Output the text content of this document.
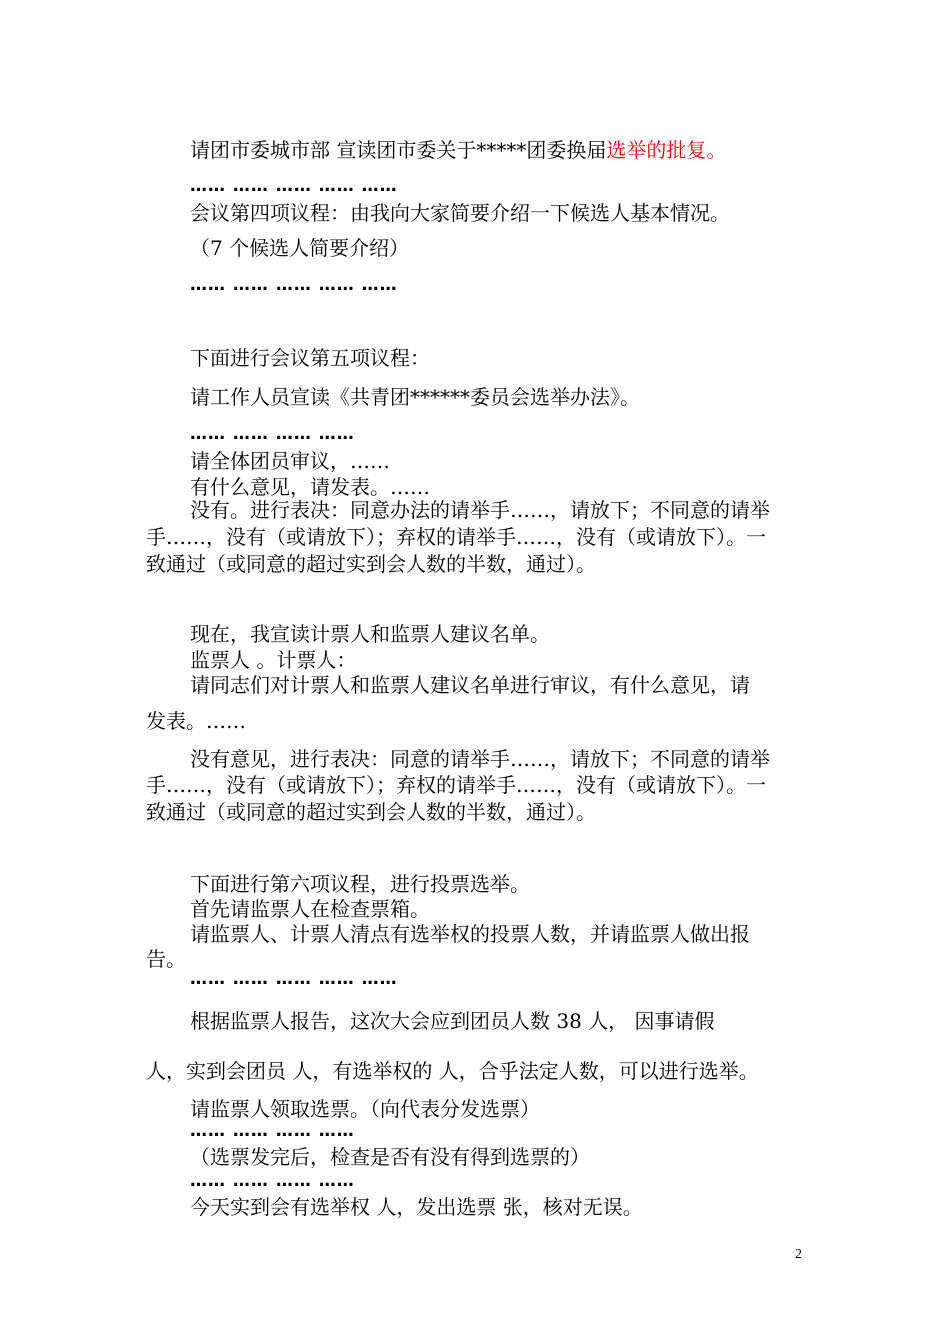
请团市委城市部 宣读团市委关于*****团委换届选举的批复。
…… …… …… …… ……
会议第四项议程：由我向大家简要介绍一下候选人基本情况。
（7 个候选人简要介绍）
…… …… …… …… ……
下面进行会议第五项议程：
请工作人员宣读《共青团******委员会选举办法》。
…… …… …… ……
请全体团员审议，……
有什么意见，请发表。……
没有。进行表决：同意办法的请举手……，请放下；不同意的请举
手……，没有（或请放下）；弃权的请举手……，没有（或请放下）。一
致通过（或同意的超过实到会人数的半数，通过）。
现在，我宣读计票人和监票人建议名单。
监票人 。计票人：
请同志们对计票人和监票人建议名单进行审议，有什么意见，请
发表。……
没有意见，进行表决：同意的请举手……，请放下；不同意的请举
手……，没有（或请放下）；弃权的请举手……，没有（或请放下）。一
致通过（或同意的超过实到会人数的半数，通过）。
下面进行第六项议程，进行投票选举。
首先请监票人在检查票箱。
请监票人、计票人清点有选举权的投票人数，并请监票人做出报
告。
…… …… …… …… ……
根据监票人报告，这次大会应到团员人数 38 人， 因事请假
人，实到会团员 人，有选举权的 人，合乎法定人数，可以进行选举。
请监票人领取选票。（向代表分发选票）
…… …… …… ……
（选票发完后，检查是否有没有得到选票的）
…… …… …… ……
今天实到会有选举权 人，发出选票 张，核对无误。
2
